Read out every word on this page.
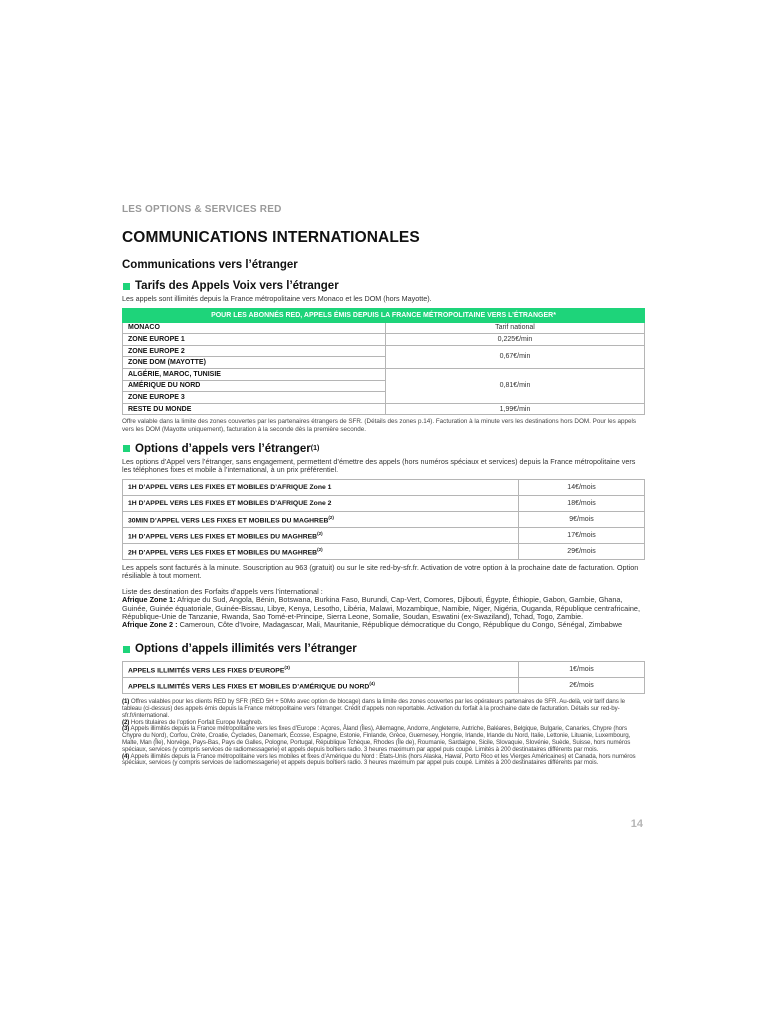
LES OPTIONS & SERVICES RED
COMMUNICATIONS INTERNATIONALES
Communications vers l’étranger
Tarifs des Appels Voix vers l’étranger
Les appels sont illimités depuis la France métropolitaine vers Monaco et les DOM (hors Mayotte).
POUR LES ABONNÉS RED, APPELS ÉMIS DEPUIS LA FRANCE MÉTROPOLITAINE VERS L’ÉTRANGER*	
MONACO	Tarif national
ZONE EUROPE 1	0,225€/min
ZONE EUROPE 2	0,67€/min
ZONE DOM (MAYOTTE)	
ALGÉRIE, MAROC, TUNISIE	0,81€/min
AMÉRIQUE DU NORD	
ZONE EUROPE 3	
RESTE DU MONDE	1,99€/min
Offre valable dans la limite des zones couvertes par les partenaires étrangers de SFR. (Détails des zones p.14). Facturation à la minute vers les destinations hors DOM. Pour les appels vers les DOM (Mayotte uniquement), facturation à la seconde dès la première seconde.
Options d’appels vers l’étranger (1)
Les options d’Appel vers l’étranger, sans engagement, permettent d’émettre des appels (hors numéros spéciaux et services) depuis la France métropolitaine vers les téléphones fixes et mobile à l’international, à un prix préférentiel.
1H D’APPEL VERS LES FIXES ET MOBILES D’AFRIQUE Zone 1	14€/mois
1H D’APPEL VERS LES FIXES ET MOBILES D’AFRIQUE Zone 2	18€/mois
30MIN D’APPEL VERS LES FIXES ET MOBILES DU MAGHREB$^{(2)}$	9€/mois
1H D’APPEL VERS LES FIXES ET MOBILES DU MAGHREB$^{(2)}$	17€/mois
2H D’APPEL VERS LES FIXES ET MOBILES DU MAGHREB$^{(2)}$	29€/mois
Les appels sont facturés à la minute. Souscription au 963 (gratuit) ou sur le site red-by-sfr.fr. Activation de votre option à la prochaine date de facturation. Option résiliable à tout moment.
Liste des destination des Forfaits d’appels vers l’international :
Afrique Zone 1: Afrique du Sud, Angola, Bénin, Botswana, Burkina Faso, Burundi, Cap-Vert, Comores, Djibouti, Égypte, Éthiopie, Gabon, Gambie, Ghana, Guinée, Guinée équatoriale, Guinée-Bissau, Libye, Kenya, Lesotho, Libéria, Malawi, Mozambique, Namibie, Niger, Nigéria, Ouganda, République centrafricaine, République-Unie de Tanzanie, Rwanda, Sao Tomé-et-Principe, Sierra Leone, Somalie, Soudan, Eswatini (ex-Swaziland), Tchad, Togo, Zambie.
Afrique Zone 2 : Cameroun, Côte d’Ivoire, Madagascar, Mali, Mauritanie, République démocratique du Congo, République du Congo, Sénégal, Zimbabwe
Options d’appels illimités vers l’étranger
APPELS ILLIMITÉS VERS LES FIXES D’EUROPE$^{(3)}$	1€/mois
APPELS ILLIMITÉS VERS LES FIXES ET MOBILES D’AMÉRIQUE DU NORD$^{(4)}$	2€/mois
(1) Offres valables pour les clients RED by SFR (RED 5H + 50Mo avec option de blocage) dans la limite des zones couvertes par les opérateurs partenaires de SFR. Au-delà, voir tarif dans le tableau (ci-dessus) des appels émis depuis la France métropolitaine vers l’étranger. Crédit d’appels non reportable. Activation du forfait à la prochaine date de facturation. Détails sur red-by-sfr.fr/international.
(2) Hors titulaires de l’option Forfait Europe Maghreb.
(3) Appels illimités depuis la France métropolitaine vers les fixes d’Europe : Açores, Åland (Îles), Allemagne, Andorre, Angleterre, Autriche, Baléares, Belgique, Bulgarie, Canaries, Chypre (hors Chypre du Nord), Corfou, Crète, Croatie, Cyclades, Danemark, Écosse, Espagne, Estonie, Finlande, Grèce, Guernesey, Hongrie, Irlande, Irlande du Nord, Italie, Lettonie, Lituanie, Luxembourg, Malte, Man (Île), Norvège, Pays-Bas, Pays de Galles, Pologne, Portugal, République Tchèque, Rhodes (Île de), Roumanie, Sardaigne, Sicile, Slovaquie, Slovénie, Suède, Suisse, hors numéros spéciaux, services (y compris services de radiomessagerie) et appels depuis boîtiers radio. 3 heures maximum par appel puis coupé. Limités à 200 destinataires différents par mois.
(4) Appels illimités depuis la France métropolitaine vers les mobiles et fixes d’Amérique du Nord : États-Unis (hors Alaska, Hawaï, Porto Rico et les Vierges Américaines) et Canada, hors numéros spéciaux, services (y compris services de radiomessagerie) et appels depuis boîtiers radio. 3 heures maximum par appel puis coupé. Limités à 200 destinataires différents par mois.
14
